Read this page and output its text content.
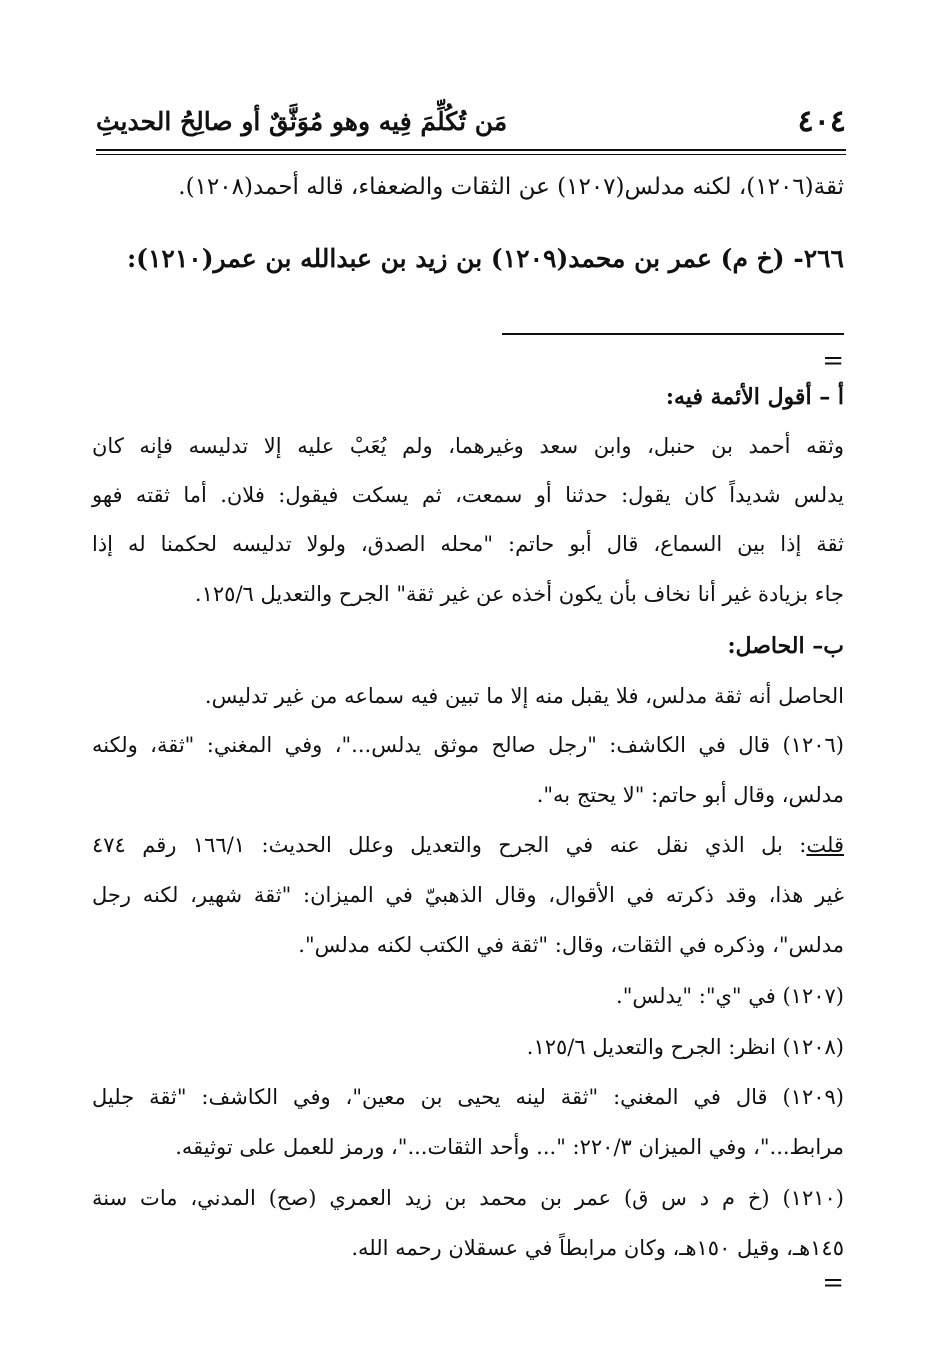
٤٠٤
مَن تُكُلِّمَ فِيه وهو مُوَثَّقٌ أو صالِحُ الحديثِ
ثقة(١٢٠٦)، لكنه مدلس(١٢٠٧) عن الثقات والضعفاء، قاله أحمد(١٢٠٨).
٢٦٦- (خ م) عمر بن محمد(١٢٠٩) بن زيد بن عبدالله بن عمر(١٢١٠):
=
أ – أقول الأئمة فيه:
وثقه أحمد بن حنبل، وابن سعد وغيرهما، ولم يُعَبْ عليه إلا تدليسه فإنه كان
يدلس شديداً كان يقول: حدثنا أو سمعت، ثم يسكت فيقول: فلان. أما ثقته فهو
ثقة إذا بين السماع، قال أبو حاتم: "محله الصدق، ولولا تدليسه لحكمنا له إذا
جاء بزيادة غير أنا نخاف بأن يكون أخذه عن غير ثقة" الجرح والتعديل ١٢٥/٦.
ب– الحاصل:
الحاصل أنه ثقة مدلس، فلا يقبل منه إلا ما تبين فيه سماعه من غير تدليس.
(١٢٠٦) قال في الكاشف: "رجل صالح موثق يدلس..."، وفي المغني: "ثقة، ولكنه
مدلس، وقال أبو حاتم: "لا يحتج به".
قلت: بل الذي نقل عنه في الجرح والتعديل وعلل الحديث: ١٦٦/١ رقم ٤٧٤
غير هذا، وقد ذكرته في الأقوال، وقال الذهبيّ في الميزان: "ثقة شهير، لكنه رجل
مدلس"، وذكره في الثقات، وقال: "ثقة في الكتب لكنه مدلس".
(١٢٠٧) في "ي": "يدلس".
(١٢٠٨) انظر: الجرح والتعديل ١٢٥/٦.
(١٢٠٩) قال في المغني: "ثقة لينه يحيى بن معين"، وفي الكاشف: "ثقة جليل
مرابط..."، وفي الميزان ٢٢٠/٣: "... وأحد الثقات..."، ورمز للعمل على توثيقه.
(١٢١٠) (خ م د س ق) عمر بن محمد بن زيد العمري (صح) المدني، مات سنة
١٤٥هـ، وقيل ١٥٠هـ، وكان مرابطاً في عسقلان رحمه الله.
=
